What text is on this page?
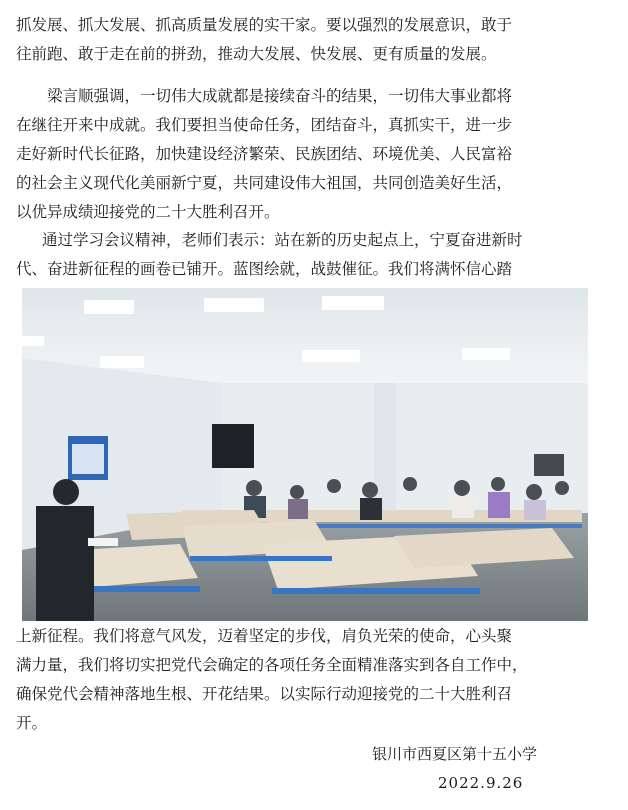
抓发展、抓大发展、抓高质量发展的实干家。要以强烈的发展意识，敢于
往前跑、敢于走在前的拼劲，推动大发展、快发展、更有质量的发展。
梁言顺强调，一切伟大成就都是接续奋斗的结果，一切伟大事业都将
在继往开来中成就。我们要担当使命任务，团结奋斗，真抓实干，进一步
走好新时代长征路，加快建设经济繁荣、民族团结、环境优美、人民富裕
的社会主义现代化美丽新宁夏，共同建设伟大祖国，共同创造美好生活，
以优异成绩迎接党的二十大胜利召开。
通过学习会议精神，老师们表示：站在新的历史起点上，宁夏奋进新时
代、奋进新征程的画卷已铺开。蓝图绘就，战鼓催征。我们将满怀信心踏
上新征程。我们将意气风发，迈着坚定的步伐，肩负光荣的使命，心头聚
满力量，我们将切实把党代会确定的各项任务全面精准落实到各自工作中，
确保党代会精神落地生根、开花结果。以实际行动迎接党的二十大胜利召
开。
银川市西夏区第十五小学
2022.9.26
